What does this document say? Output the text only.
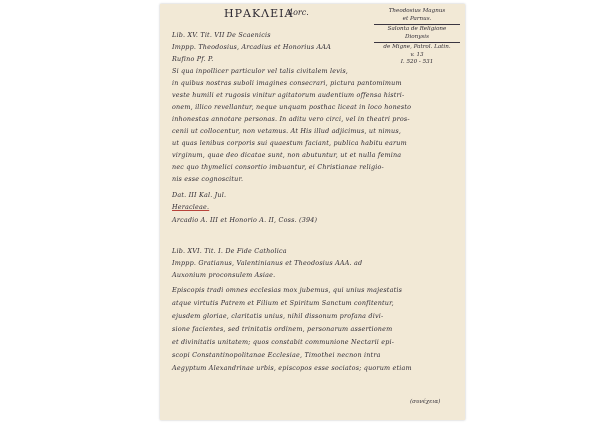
ΗΡΑΚΛΕΙΑ
4orc.	Theodosius Magnus
et Parnus.
Salonta de Religione
Dionysis
de Migne, Patrol. Latin.
v. 13
I. 520 - 531
Lib. XV. Tit. VII De Scaenicis
Imppp. Theodosius, Arcadius et Honorius AAA
Rufino Pf. P.
Si qua inpollicer particulor vel talis civitalem levis,
in quibus nostras suboli imagines consecrari, pictura pantomimum
veste humili et rugosis vinitur agitatorum audentium offensa histri-
onem, illico revellantur, neque unquam posthac liceat in loco honesto
inhonestas annotare personas. In aditu vero circi, vel in theatri pros-
cenii ut collocentur, non vetamus. At His illud adjicimus, ut nimus,
ut quas lenibus corporis sui quaestum faciant, publica habitu earum
virginum, quae deo dicatae sunt, non abutuntur, ut et nulla femina
nec quo thymelici consortio imbuantur, ei Christianae religio-
nis esse cognoscitur.
Dat. III Kal. Jul.
Heracleae.
Arcadio A. III et Honorio A. II, Coss. (394)
Lib. XVI. Tit. I. De Fide Catholica
Imppp. Gratianus, Valentinianus et Theodosius AAA. ad
Auxonium proconsulem Asiae.
Episcopis tradi omnes ecclesias mox jubemus, qui unius majestatis
atque virtutis Patrem et Filium et Spiritum Sanctum confitentur,
ejusdem gloriae, claritatis unius, nihil dissonum profana divi-
sione facientes, sed trinitatis ordinem, personarum assertionem
et divinitatis unitatem; quos constabit communione Nectarii epi-
scopi Constantinopolitanae Ecclesiae, Timothei necnon intra
Aegyptum Alexandrinae urbis, episcopos esse sociatos; quorum etiam
(συνέχεια)
